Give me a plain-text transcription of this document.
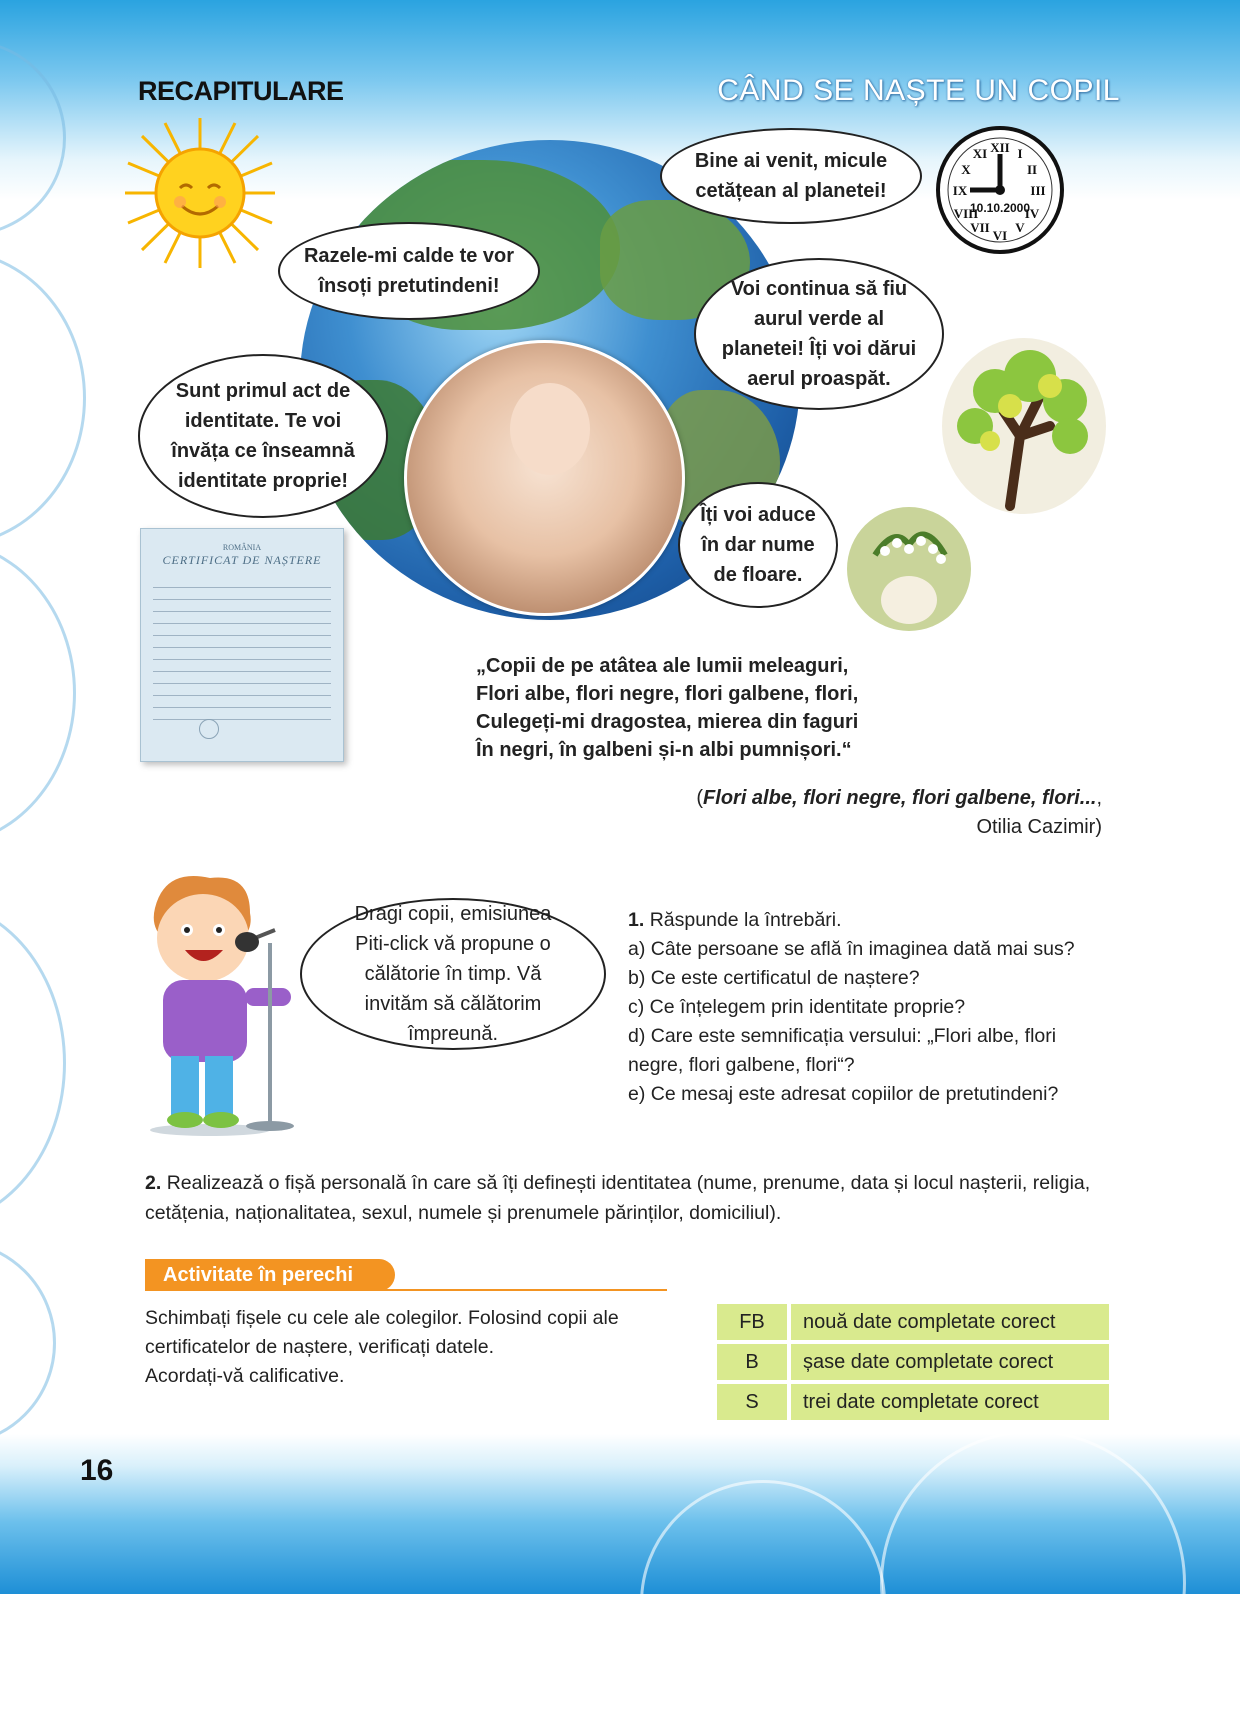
RECAPITULARE	CÂND SE NAȘTE UN COPIL
XII
III
VI
IX
I
II
IV
V
VII
VIII
X
XI
10.10.2000
ROMÂNIA
CERTIFICAT DE NAȘTERE
Razele-mi calde te vor
însoți pretutindeni!
Bine ai venit, micule
cetățean al planetei!
Voi continua să fiu
aurul verde al
planetei! Îți voi dărui
aerul proaspăt.
Sunt primul act de
identitate. Te voi
învăța ce înseamnă
identitate proprie!
Îți voi aduce
în dar nume
de floare.
„Copii de pe atâtea ale lumii meleaguri,
Flori albe, flori negre, flori galbene, flori,
Culegeți-mi dragostea, mierea din faguri
În negri, în galbeni și-n albi pumnișori.“
(Flori albe, flori negre, flori galbene, flori...,
Otilia Cazimir)
Dragi copii, emisiunea
Piti-click vă propune o
călătorie în timp. Vă
invităm să călătorim
împreună.
1. Răspunde la întrebări.
a) Câte persoane se află în imaginea dată mai sus?
b) Ce este certificatul de naștere?
c) Ce înțelegem prin identitate proprie?
d) Care este semnificația versului: „Flori albe, flori
negre, flori galbene, flori“?
e) Ce mesaj este adresat copiilor de pretutindeni?
2. Realizează o fișă personală în care să îți definești identitatea (nume, prenume, data și locul nașterii, religia, cetățenia, naționalitatea, sexul, numele și prenumele părinților, domiciliul).
Activitate în perechi
Schimbați fișele cu cele ale colegilor. Folosind copii ale
certificatelor de naștere, verificați datele.
Acordați-vă calificative.
FB	nouă date completate corect
B	șase date completate corect
S	trei date completate corect
16
